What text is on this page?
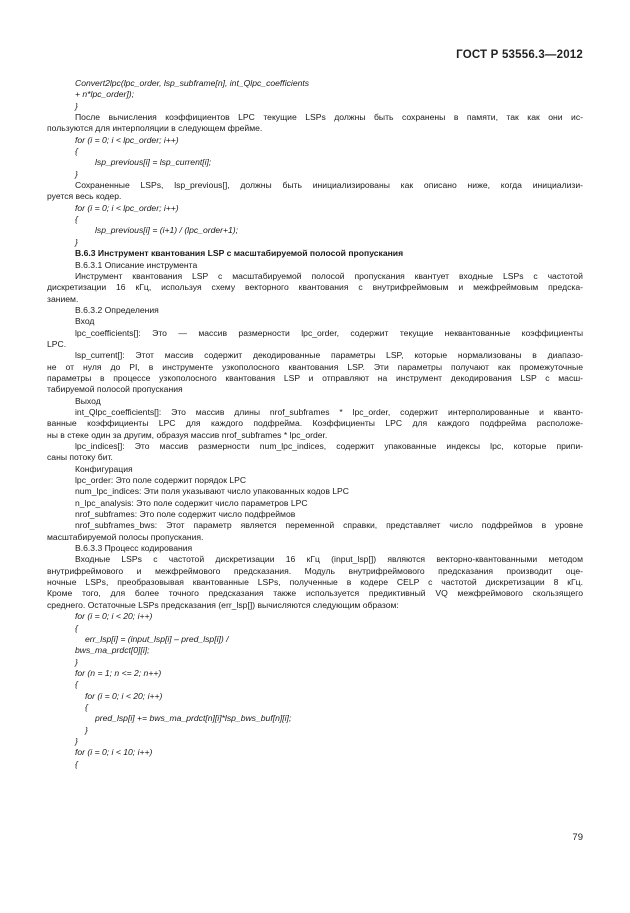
ГОСТ Р 53556.3—2012
Convert2lpc(lpc_order, lsp_subframe[n], int_Qlpc_coefficients
+ n*lpc_order]);
}
После вычисления коэффициентов LPC текущие LSPs должны быть сохранены в памяти, так как они ис-
пользуются для интерполяции в следующем фрейме.
for (i = 0; i < lpc_order; i++)
{
lsp_previous[i] = lsp_current[i];
}
Сохраненные LSPs, lsp_previous[], должны быть инициализированы как описано ниже, когда инициализи-
руется весь кодер.
for (i = 0; i < lpc_order; i++)
{
lsp_previous[i] = (i+1) / (lpc_order+1);
}
B.6.3 Инструмент квантования LSP с масштабируемой полосой пропускания
B.6.3.1 Описание инструмента
Инструмент квантования LSP с масштабируемой полосой пропускания квантует входные LSPs с частотой
дискретизации 16 кГц, используя схему векторного квантования с внутрифреймовым и межфреймовым предска-
занием.
B.6.3.2 Определения
Вход
lpc_coefficients[]: Это — массив размерности lpc_order, содержит текущие неквантованные коэффициенты
LPC.
lsp_current[]: Этот массив содержит декодированные параметры LSP, которые нормализованы в диапазо-
не от нуля до PI, в инструменте узкополосного квантования LSP. Эти параметры получают как промежуточные
параметры в процессе узкополосного квантования LSP и отправляют на инструмент декодирования LSP с масш-
табируемой полосой пропускания
Выход
int_Qlpc_coefficients[]: Это массив длины nrof_subframes * lpc_order, содержит интерполированные и кванто-
ванные коэффициенты LPC для каждого подфрейма. Коэффициенты LPC для каждого подфрейма расположе-
ны в стеке один за другим, образуя массив nrof_subframes * lpc_order.
lpc_indices[]: Это массив размерности num_lpc_indices, содержит упакованные индексы lpc, которые припи-
саны потоку бит.
Конфигурация
lpc_order: Это поле содержит порядок LPC
num_lpc_indices: Эти поля указывают число упакованных кодов LPC
n_lpc_analysis: Это поле содержит число параметров LPC
nrof_subframes: Это поле содержит число подфреймов
nrof_subframes_bws: Этот параметр является переменной справки, представляет число подфреймов в уровне
масштабируемой полосы пропускания.
B.6.3.3 Процесс кодирования
Входные LSPs с частотой дискретизации 16 кГц (input_lsp[]) являются векторно-квантованными методом
внутрифреймового и межфреймового предсказания. Модуль внутрифреймового предсказания производит оце-
ночные LSPs, преобразовывая квантованные LSPs, полученные в кодере CELP с частотой дискретизации 8 кГц.
Кроме того, для более точного предсказания также используется предиктивный VQ межфреймового скользящего
среднего. Остаточные LSPs предсказания (err_lsp[]) вычисляются следующим образом:
for (i = 0; i < 20; i++)
{
err_lsp[i] = (input_lsp[i] – pred_lsp[i]) /
bws_ma_prdct[0][i];
}
for (n = 1; n <= 2; n++)
{
for (i = 0; i < 20; i++)
{
pred_lsp[i] += bws_ma_prdct[n][i]*lsp_bws_buf[n][i];
}
}
for (i = 0; i < 10; i++)
{
79
